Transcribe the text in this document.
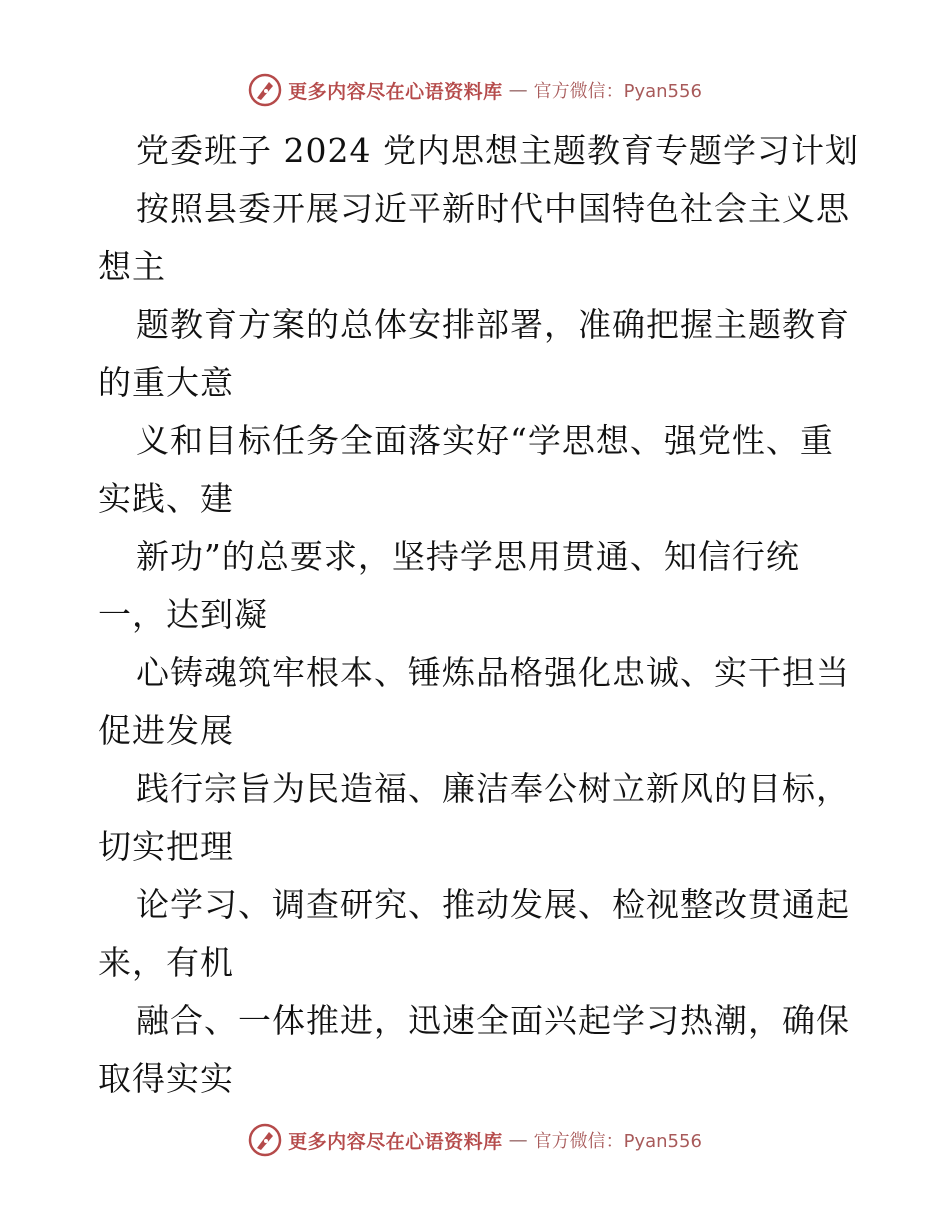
更多内容尽在心语资料库 — 官方微信：Pyan556
党委班子 2024 党内思想主题教育专题学习计划
按照县委开展习近平新时代中国特色社会主义思
想主
题教育方案的总体安排部署，准确把握主题教育
的重大意
义和目标任务全面落实好“学思想、强党性、重
实践、建
新功”的总要求，坚持学思用贯通、知信行统
一，达到凝
心铸魂筑牢根本、锤炼品格强化忠诚、实干担当
促进发展
践行宗旨为民造福、廉洁奉公树立新风的目标，
切实把理
论学习、调查研究、推动发展、检视整改贯通起
来，有机
融合、一体推进，迅速全面兴起学习热潮，确保
取得实实
更多内容尽在心语资料库 — 官方微信：Pyan556
